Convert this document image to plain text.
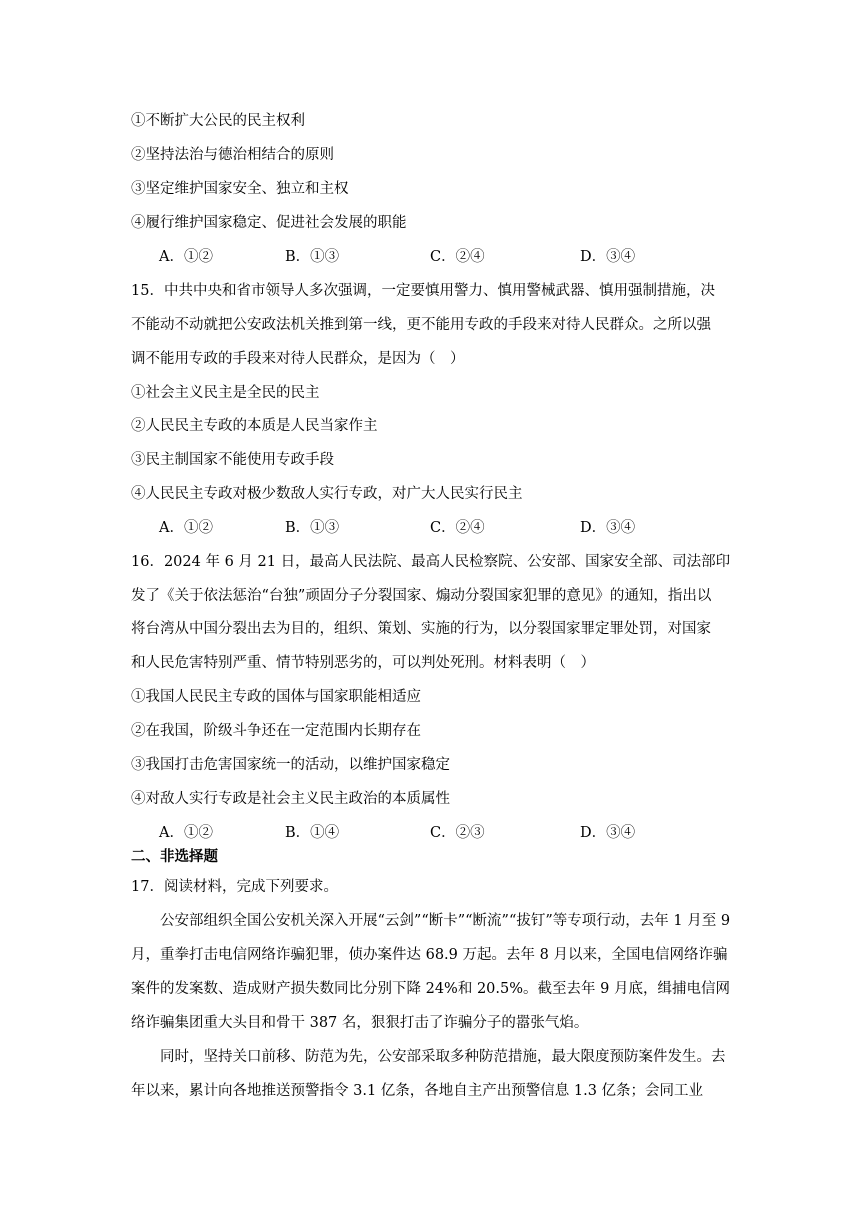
①不断扩大公民的民主权利
②坚持法治与德治相结合的原则
③坚定维护国家安全、独立和主权
④履行维护国家稳定、促进社会发展的职能
A．①②	B．①③	C．②④	D．③④
15．中共中央和省市领导人多次强调，一定要慎用警力、慎用警械武器、慎用强制措施，决
不能动不动就把公安政法机关推到第一线，更不能用专政的手段来对待人民群众。之所以强
调不能用专政的手段来对待人民群众，是因为（　）
①社会主义民主是全民的民主
②人民民主专政的本质是人民当家作主
③民主制国家不能使用专政手段
④人民民主专政对极少数敌人实行专政，对广大人民实行民主
A．①②	B．①③	C．②④	D．③④
16．2024 年 6 月 21 日，最高人民法院、最高人民检察院、公安部、国家安全部、司法部印
发了《关于依法惩治“台独”顽固分子分裂国家、煽动分裂国家犯罪的意见》的通知，指出以
将台湾从中国分裂出去为目的，组织、策划、实施的行为，以分裂国家罪定罪处罚，对国家
和人民危害特别严重、情节特别恶劣的，可以判处死刑。材料表明（　）
①我国人民民主专政的国体与国家职能相适应
②在我国，阶级斗争还在一定范围内长期存在
③我国打击危害国家统一的活动，以维护国家稳定
④对敌人实行专政是社会主义民主政治的本质属性
A．①②	B．①④	C．②③	D．③④
二、非选择题
17．阅读材料，完成下列要求。
公安部组织全国公安机关深入开展“云剑”“断卡”“断流”“拔钉”等专项行动，去年 1 月至 9 月，重拳打击电信网络诈骗犯罪，侦办案件达 68.9 万起。去年 8 月以来，全国电信网络诈骗案件的发案数、造成财产损失数同比分别下降 24%和 20.5%。截至去年 9 月底，缉捕电信网络诈骗集团重大头目和骨干 387 名，狠狠打击了诈骗分子的嚣张气焰。
同时，坚持关口前移、防范为先，公安部采取多种防范措施，最大限度预防案件发生。去年以来，累计向各地推送预警指令 3.1 亿条，各地自主产出预警信息 1.3 亿条；会同工业
